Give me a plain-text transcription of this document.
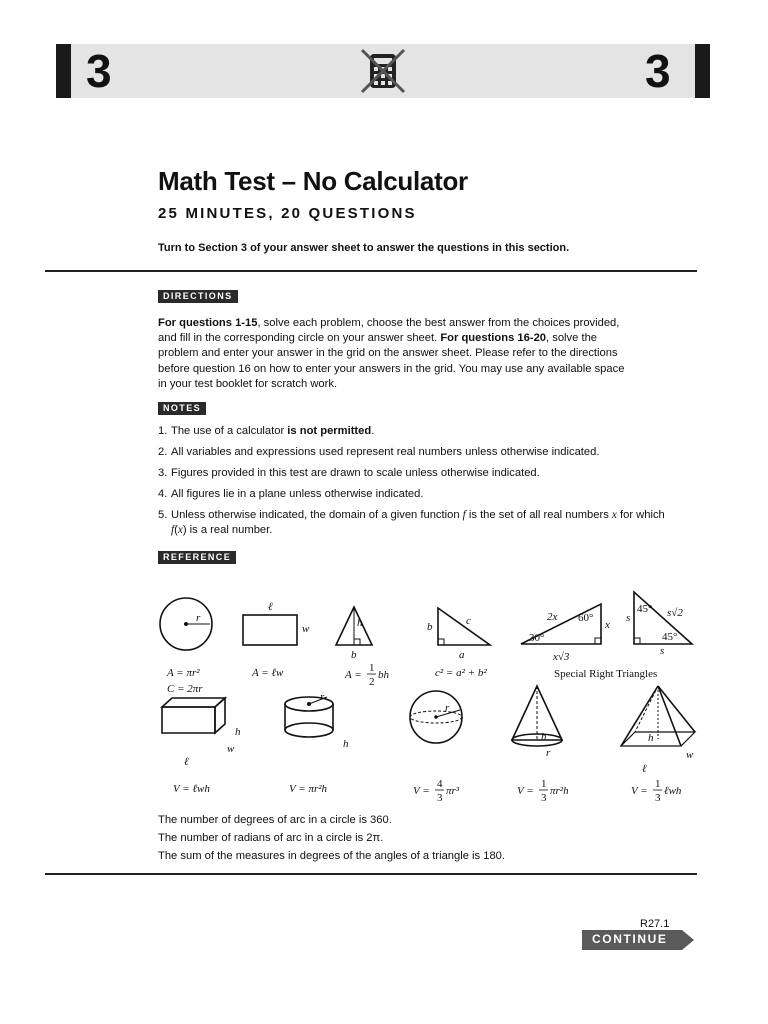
3	3
Math Test – No Calculator
25 MINUTES, 20 QUESTIONS
Turn to Section 3 of your answer sheet to answer the questions in this section.
DIRECTIONS
For questions 1-15, solve each problem, choose the best answer from the choices provided, and fill in the corresponding circle on your answer sheet. For questions 16-20, solve the problem and enter your answer in the grid on the answer sheet. Please refer to the directions before question 16 on how to enter your answers in the grid. You may use any available space in your test booklet for scratch work.
NOTES
1. The use of a calculator is not permitted.
2. All variables and expressions used represent real numbers unless otherwise indicated.
3. Figures provided in this test are drawn to scale unless otherwise indicated.
4. All figures lie in a plane unless otherwise indicated.
5. Unless otherwise indicated, the domain of a given function f is the set of all real numbers x for which f(x) is a real number.
REFERENCE
r
ℓ
w	h
b
b	c
a
2x 60°
x
30°
x√3
s
45° s√2
45°
s
h
w
ℓ
r
h
r
h
r
h
w
ℓ
A = πr²
C = 2πr
A = ℓw	A =
1
2
bh	c² = a² + b²	Special Right Triangles
V = ℓwh	V = πr²h	V =
4
3
πr³	V =
1
3
πr²h	V =
1
3
ℓwh
The number of degrees of arc in a circle is 360.
The number of radians of arc in a circle is 2π.
The sum of the measures in degrees of the angles of a triangle is 180.
R27.1
CONTINUE
